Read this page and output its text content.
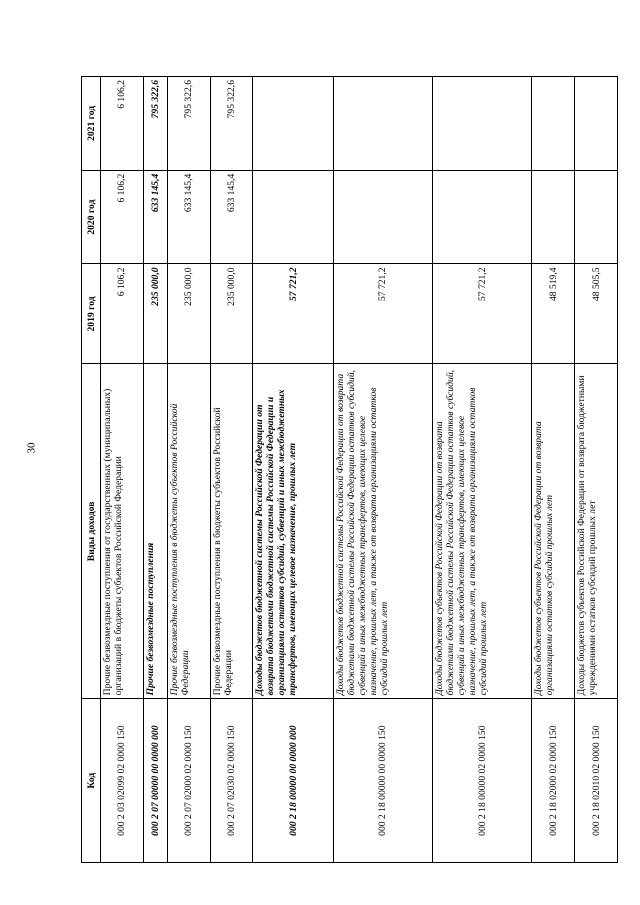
30
Код	Виды доходов	2019 год	2020 год	2021 год
000 2 03 02099 02 0000 150	Прочие безвозмездные поступления от государственных (муниципальных) организаций в бюджеты субъектов Российской Федерации	6 106,2	6 106,2	6 106,2
000 2 07 00000 00 0000 000	Прочие безвозмездные поступления	235 000,0	633 145,4	795 322,6
000 2 07 02000 02 0000 150	Прочие безвозмездные поступления в бюджеты субъектов Российской Федерации	235 000,0	633 145,4	795 322,6
000 2 07 02030 02 0000 150	Прочие безвозмездные поступления в бюджеты субъектов Российской Федерации	235 000,0	633 145,4	795 322,6
000 2 18 00000 00 0000 000	Доходы бюджетов бюджетной системы Российской Федерации от возврата бюджетами бюджетной системы Российской Федерации и организациями остатков субсидий, субвенций и иных межбюджетных трансфертов, имеющих целевое назначение, прошлых лет	57 721,2		
000 2 18 00000 00 0000 150	Доходы бюджетов бюджетной системы Российской Федерации от возврата бюджетами бюджетной системы Российской Федерации остатков субсидий, субвенций и иных межбюджетных трансфертов, имеющих целевое назначение, прошлых лет, а также от возврата организациями остатков субсидий прошлых лет	57 721,2		
000 2 18 00000 02 0000 150	Доходы бюджетов субъектов Российской Федерации от возврата бюджетами бюджетной системы Российской Федерации остатков субсидий, субвенций и иных межбюджетных трансфертов, имеющих целевое назначение, прошлых лет, а также от возврата организациями остатков субсидий прошлых лет	57 721,2		
000 2 18 02000 02 0000 150	Доходы бюджетов субъектов Российской Федерации от возврата организациями остатков субсидий прошлых лет	48 519,4		
000 2 18 02010 02 0000 150	Доходы бюджетов субъектов Российской Федерации от возврата бюджетными учреждениями остатков субсидий прошлых лет	48 505,5		
